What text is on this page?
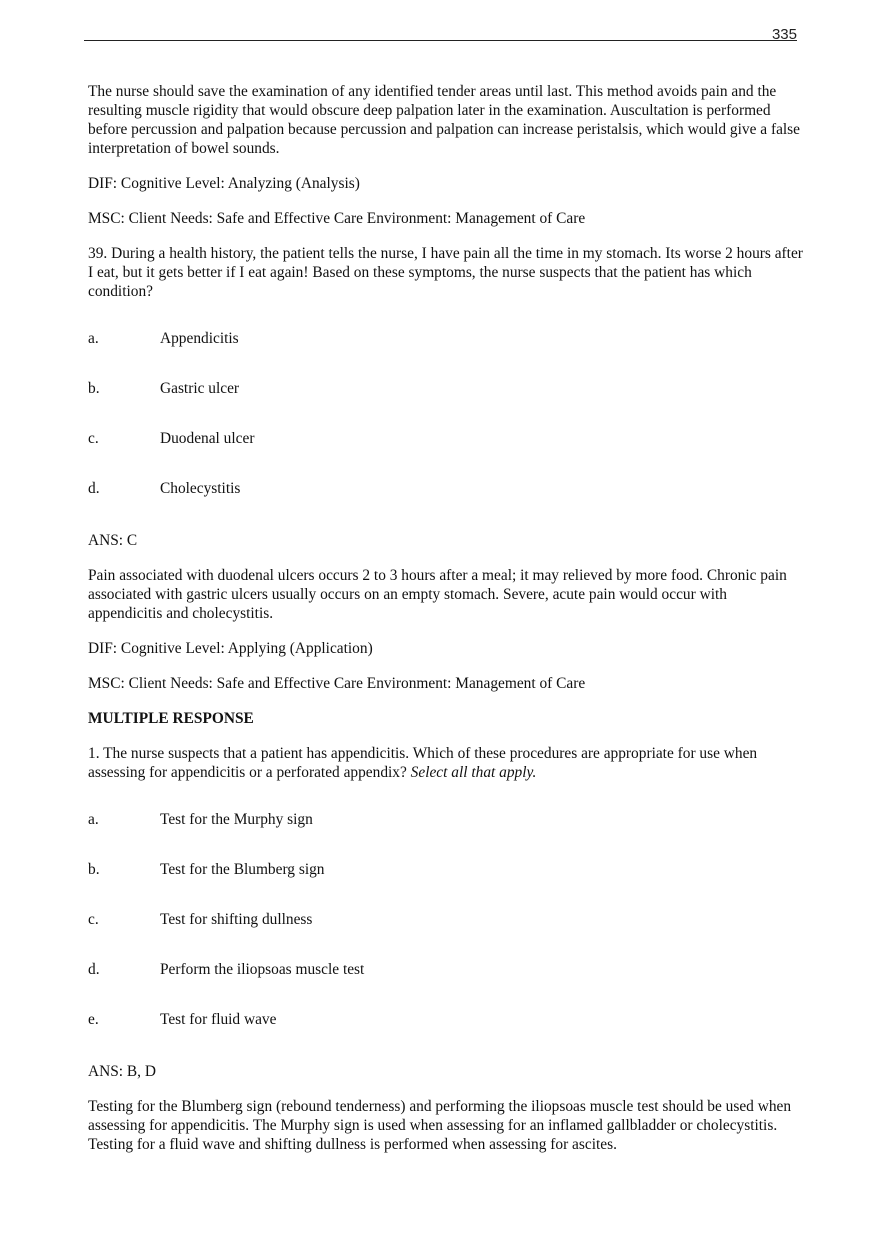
335

The nurse should save the examination of any identified tender areas until last. This method avoids pain and the resulting muscle rigidity that would obscure deep palpation later in the examination. Auscultation is performed before percussion and palpation because percussion and palpation can increase peristalsis, which would give a false interpretation of bowel sounds.

DIF: Cognitive Level: Analyzing (Analysis)

MSC: Client Needs: Safe and Effective Care Environment: Management of Care

39. During a health history, the patient tells the nurse, I have pain all the time in my stomach. Its worse 2 hours after I eat, but it gets better if I eat again! Based on these symptoms, the nurse suspects that the patient has which condition?

a.	Appendicitis
b.	Gastric ulcer
c.	Duodenal ulcer
d.	Cholecystitis

ANS: C

Pain associated with duodenal ulcers occurs 2 to 3 hours after a meal; it may relieved by more food. Chronic pain associated with gastric ulcers usually occurs on an empty stomach. Severe, acute pain would occur with appendicitis and cholecystitis.

DIF: Cognitive Level: Applying (Application)

MSC: Client Needs: Safe and Effective Care Environment: Management of Care

MULTIPLE RESPONSE

1. The nurse suspects that a patient has appendicitis. Which of these procedures are appropriate for use when assessing for appendicitis or a perforated appendix? Select all that apply.

a.	Test for the Murphy sign
b.	Test for the Blumberg sign
c.	Test for shifting dullness
d.	Perform the iliopsoas muscle test
e.	Test for fluid wave

ANS: B, D

Testing for the Blumberg sign (rebound tenderness) and performing the iliopsoas muscle test should be used when assessing for appendicitis. The Murphy sign is used when assessing for an inflamed gallbladder or cholecystitis. Testing for a fluid wave and shifting dullness is performed when assessing for ascites.
